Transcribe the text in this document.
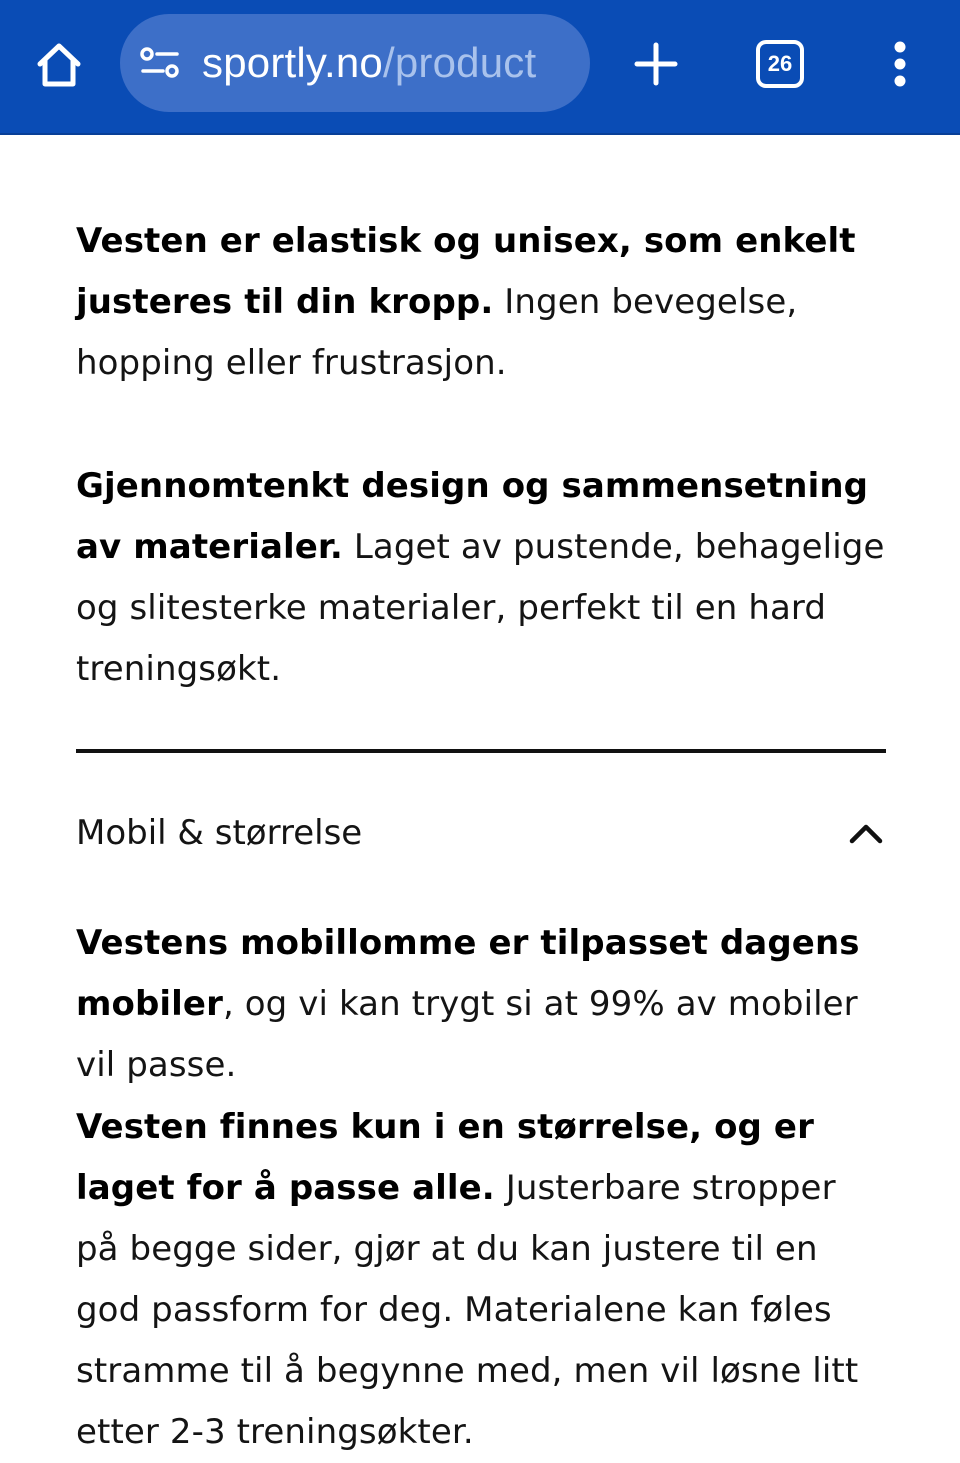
sportly.no/product	26
Vesten er elastisk og unisex, som enkelt justeres til din kropp. Ingen bevegelse, hopping eller frustrasjon.
Gjennomtenkt design og sammensetning av materialer. Laget av pustende, behagelige og slitesterke materialer, perfekt til en hard treningsøkt.
Mobil & størrelse
Vestens mobillomme er tilpasset dagens mobiler, og vi kan trygt si at 99% av mobiler vil passe.
Vesten finnes kun i en størrelse, og er laget for å passe alle. Justerbare stropper på begge sider, gjør at du kan justere til en god passform for deg. Materialene kan føles stramme til å begynne med, men vil løsne litt etter 2-3 treningsøkter.
